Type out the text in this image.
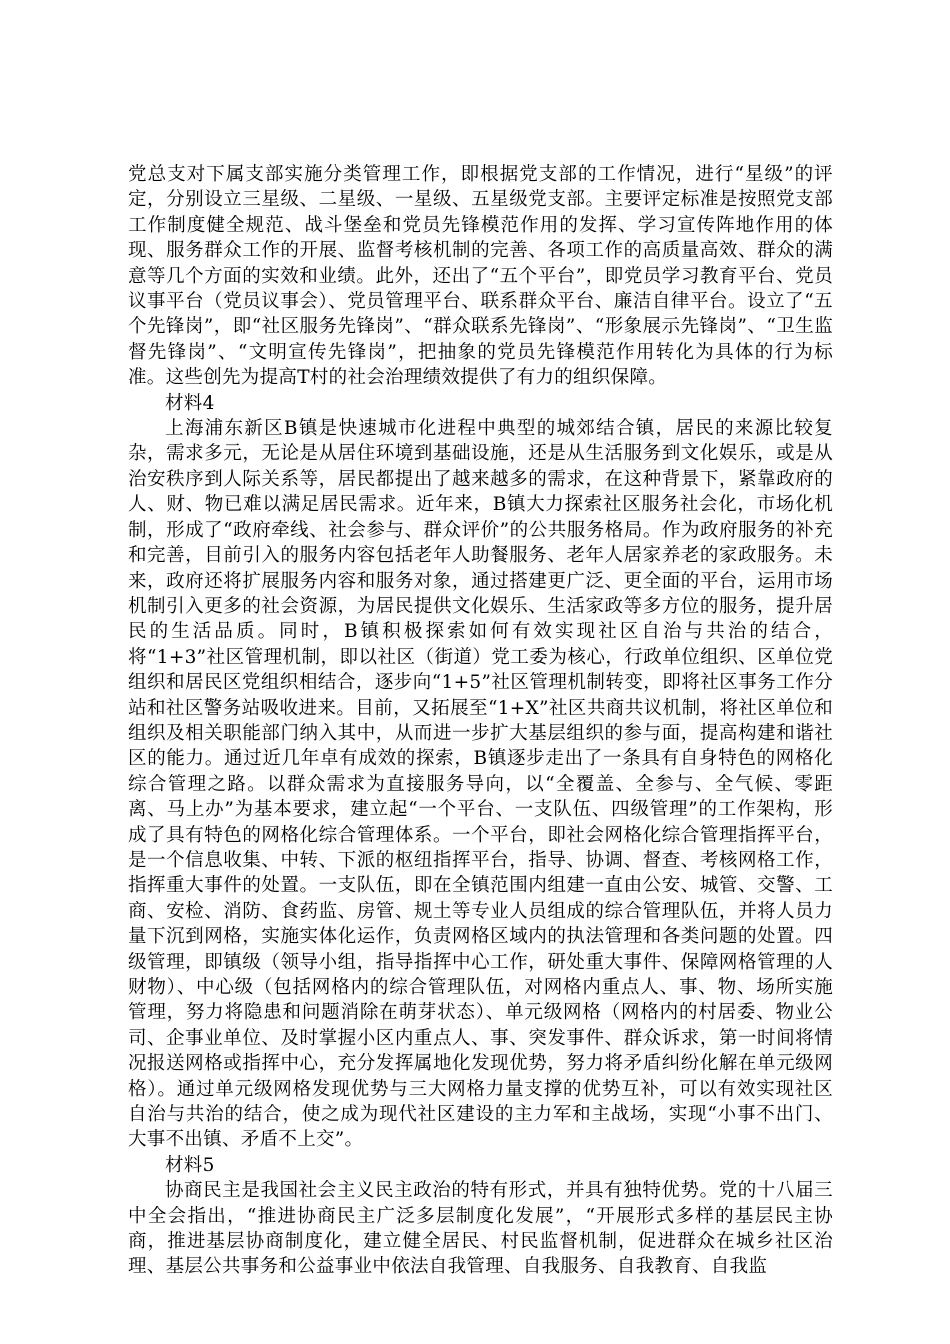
党总支对下属支部实施分类管理工作，即根据党支部的工作情况，进行“星级”的评定，分别设立三星级、二星级、一星级、五星级党支部。主要评定标准是按照党支部工作制度健全规范、战斗堡垒和党员先锋模范作用的发挥、学习宣传阵地作用的体现、服务群众工作的开展、监督考核机制的完善、各项工作的高质量高效、群众的满意等几个方面的实效和业绩。此外，还出了“五个平台”，即党员学习教育平台、党员议事平台（党员议事会）、党员管理平台、联系群众平台、廉洁自律平台。设立了“五个先锋岗”，即“社区服务先锋岗”、“群众联系先锋岗”、“形象展示先锋岗”、“卫生监督先锋岗”、“文明宣传先锋岗”，把抽象的党员先锋模范作用转化为具体的行为标准。这些创先为提高T村的社会治理绩效提供了有力的组织保障。

材料4

上海浦东新区B镇是快速城市化进程中典型的城郊结合镇，居民的来源比较复杂，需求多元，无论是从居住环境到基础设施，还是从生活服务到文化娱乐，或是从治安秩序到人际关系等，居民都提出了越来越多的需求，在这种背景下，紧靠政府的人、财、物已难以满足居民需求。近年来，B镇大力探索社区服务社会化，市场化机制，形成了“政府牵线、社会参与、群众评价”的公共服务格局。作为政府服务的补充和完善，目前引入的服务内容包括老年人助餐服务、老年人居家养老的家政服务。未来，政府还将扩展服务内容和服务对象，通过搭建更广泛、更全面的平台，运用市场机制引入更多的社会资源，为居民提供文化娱乐、生活家政等多方位的服务，提升居民的生活品质。同时，B镇积极探索如何有效实现社区自治与共治的结合，将“1+3”社区管理机制，即以社区（街道）党工委为核心，行政单位组织、区单位党组织和居民区党组织相结合，逐步向“1+5”社区管理机制转变，即将社区事务工作分站和社区警务站吸收进来。目前，又拓展至“1+X”社区共商共议机制，将社区单位和组织及相关职能部门纳入其中，从而进一步扩大基层组织的参与面，提高构建和谐社区的能力。通过近几年卓有成效的探索，B镇逐步走出了一条具有自身特色的网格化综合管理之路。以群众需求为直接服务导向，以“全覆盖、全参与、全气候、零距离、马上办”为基本要求，建立起“一个平台、一支队伍、四级管理”的工作架构，形成了具有特色的网格化综合管理体系。一个平台，即社会网格化综合管理指挥平台，是一个信息收集、中转、下派的枢纽指挥平台，指导、协调、督查、考核网格工作，指挥重大事件的处置。一支队伍，即在全镇范围内组建一直由公安、城管、交警、工商、安检、消防、食药监、房管、规土等专业人员组成的综合管理队伍，并将人员力量下沉到网格，实施实体化运作，负责网格区域内的执法管理和各类问题的处置。四级管理，即镇级（领导小组，指导指挥中心工作，研处重大事件、保障网格管理的人财物）、中心级（包括网格内的综合管理队伍，对网格内重点人、事、物、场所实施管理，努力将隐患和问题消除在萌芽状态）、单元级网格（网格内的村居委、物业公司、企事业单位、及时掌握小区内重点人、事、突发事件、群众诉求，第一时间将情况报送网格或指挥中心，充分发挥属地化发现优势，努力将矛盾纠纷化解在单元级网格）。通过单元级网格发现优势与三大网格力量支撑的优势互补，可以有效实现社区自治与共治的结合，使之成为现代社区建设的主力军和主战场，实现“小事不出门、大事不出镇、矛盾不上交”。

材料5

协商民主是我国社会主义民主政治的特有形式，并具有独特优势。党的十八届三中全会指出，“推进协商民主广泛多层制度化发展”，“开展形式多样的基层民主协商，推进基层协商制度化，建立健全居民、村民监督机制，促进群众在城乡社区治理、基层公共事务和公益事业中依法自我管理、自我服务、自我教育、自我监
